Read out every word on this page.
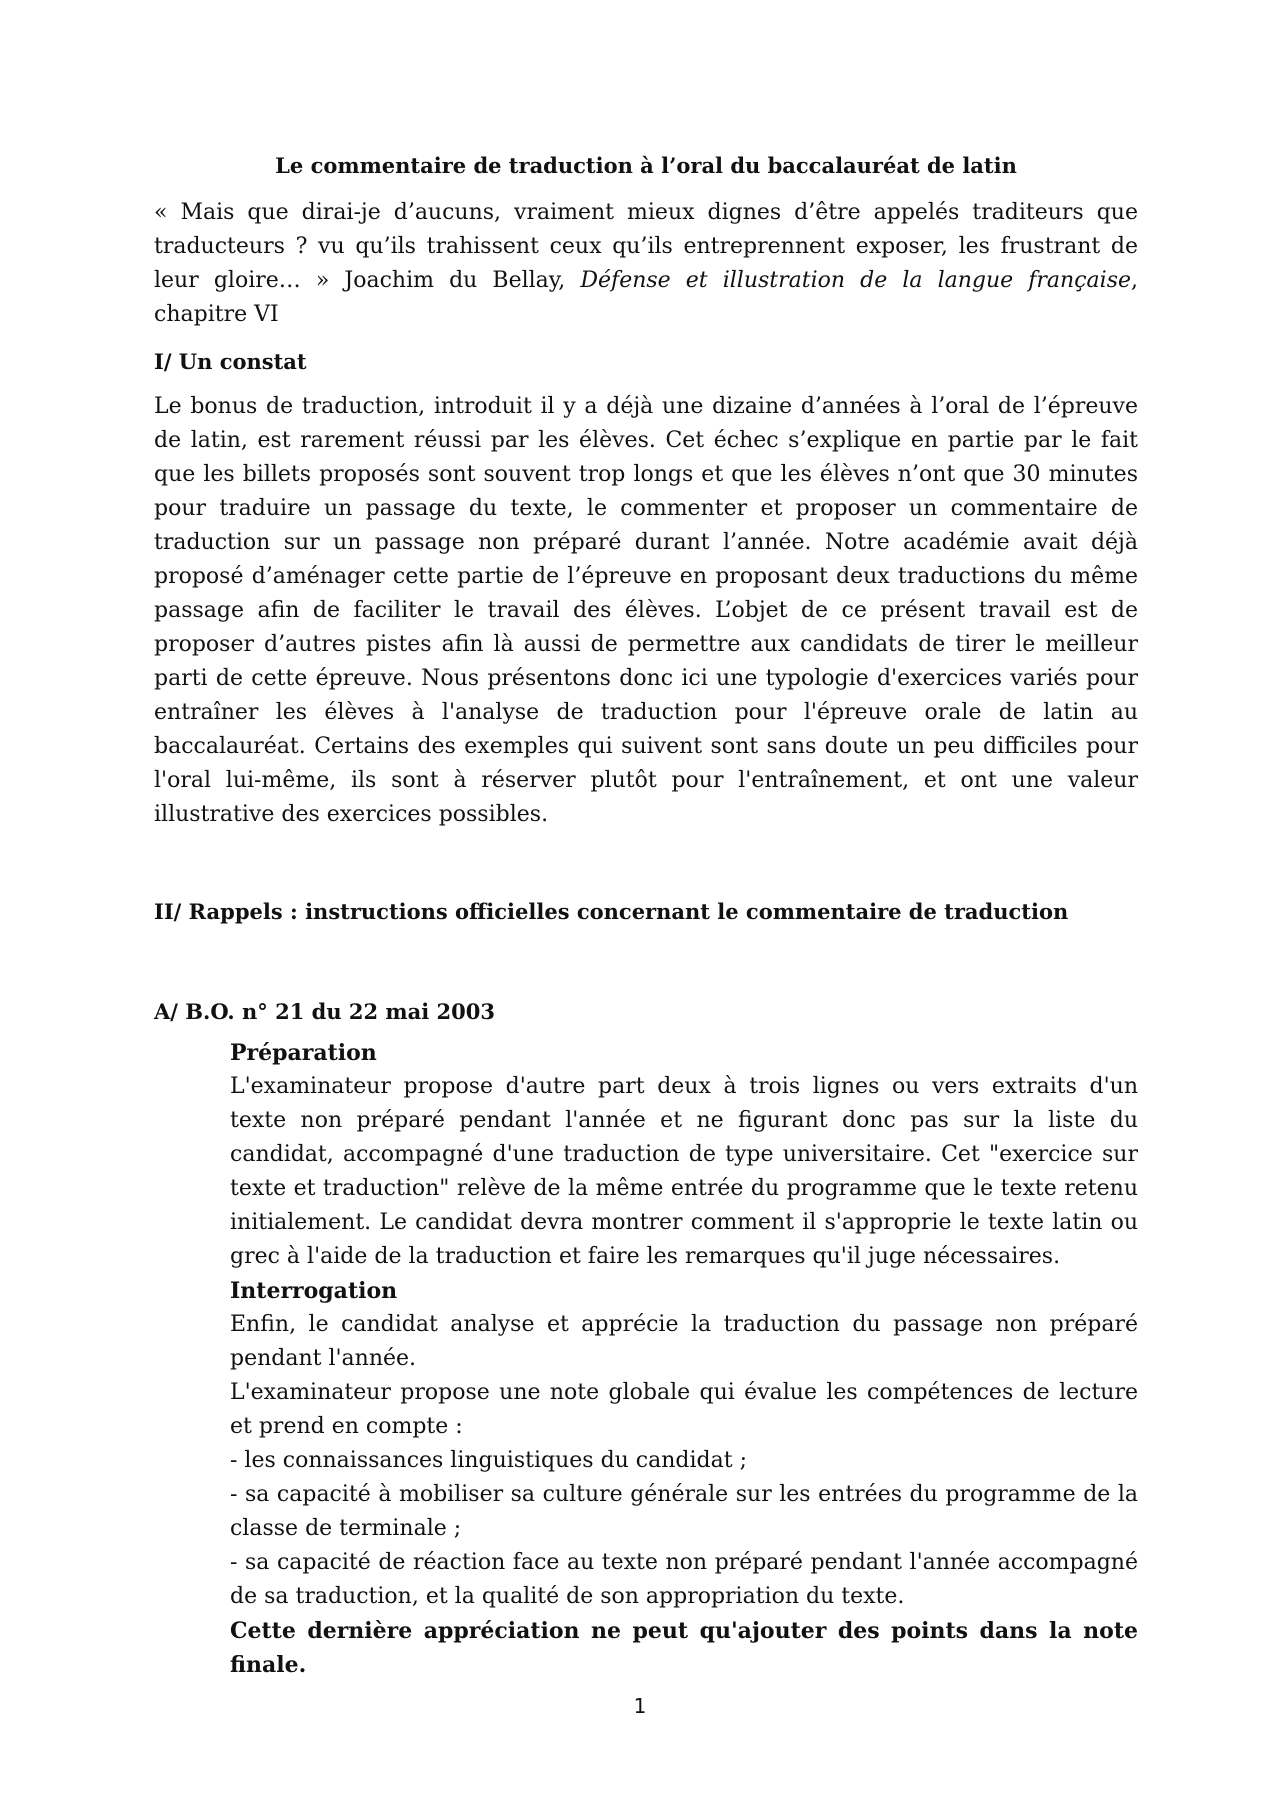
Le commentaire de traduction à l’oral du baccalauréat de latin

« Mais que dirai-je d’aucuns, vraiment mieux dignes d’être appelés traditeurs que traducteurs ? vu qu’ils trahissent ceux qu’ils entreprennent exposer, les frustrant de leur gloire… » Joachim du Bellay, Défense et illustration de la langue française, chapitre VI

I/ Un constat

Le bonus de traduction, introduit il y a déjà une dizaine d’années à l’oral de l’épreuve de latin, est rarement réussi par les élèves. Cet échec s’explique en partie par le fait que les billets proposés sont souvent trop longs et que les élèves n’ont que 30 minutes pour traduire un passage du texte, le commenter et proposer un commentaire de traduction sur un passage non préparé durant l’année. Notre académie avait déjà proposé d’aménager cette partie de l’épreuve en proposant deux traductions du même passage afin de faciliter le travail des élèves. L’objet de ce présent travail est de proposer d’autres pistes afin là aussi de permettre aux candidats de tirer le meilleur parti de cette épreuve. Nous présentons donc ici une typologie d'exercices variés pour entraîner les élèves à l'analyse de traduction pour l'épreuve orale de latin au baccalauréat. Certains des exemples qui suivent sont sans doute un peu difficiles pour l'oral lui-même, ils sont à réserver plutôt pour l'entraînement, et ont une valeur illustrative des exercices possibles.

II/ Rappels : instructions officielles concernant le commentaire de traduction

A/ B.O. n° 21 du 22 mai 2003

Préparation

L'examinateur propose d'autre part deux à trois lignes ou vers extraits d'un texte non préparé pendant l'année et ne figurant donc pas sur la liste du candidat, accompagné d'une traduction de type universitaire. Cet "exercice sur texte et traduction" relève de la même entrée du programme que le texte retenu initialement. Le candidat devra montrer comment il s'approprie le texte latin ou grec à l'aide de la traduction et faire les remarques qu'il juge nécessaires.

Interrogation

Enfin, le candidat analyse et apprécie la traduction du passage non préparé pendant l'année.

L'examinateur propose une note globale qui évalue les compétences de lecture et prend en compte :

- les connaissances linguistiques du candidat ;

- sa capacité à mobiliser sa culture générale sur les entrées du programme de la classe de terminale ;

- sa capacité de réaction face au texte non préparé pendant l'année accompagné de sa traduction, et la qualité de son appropriation du texte.

Cette dernière appréciation ne peut qu'ajouter des points dans la note finale.

1
